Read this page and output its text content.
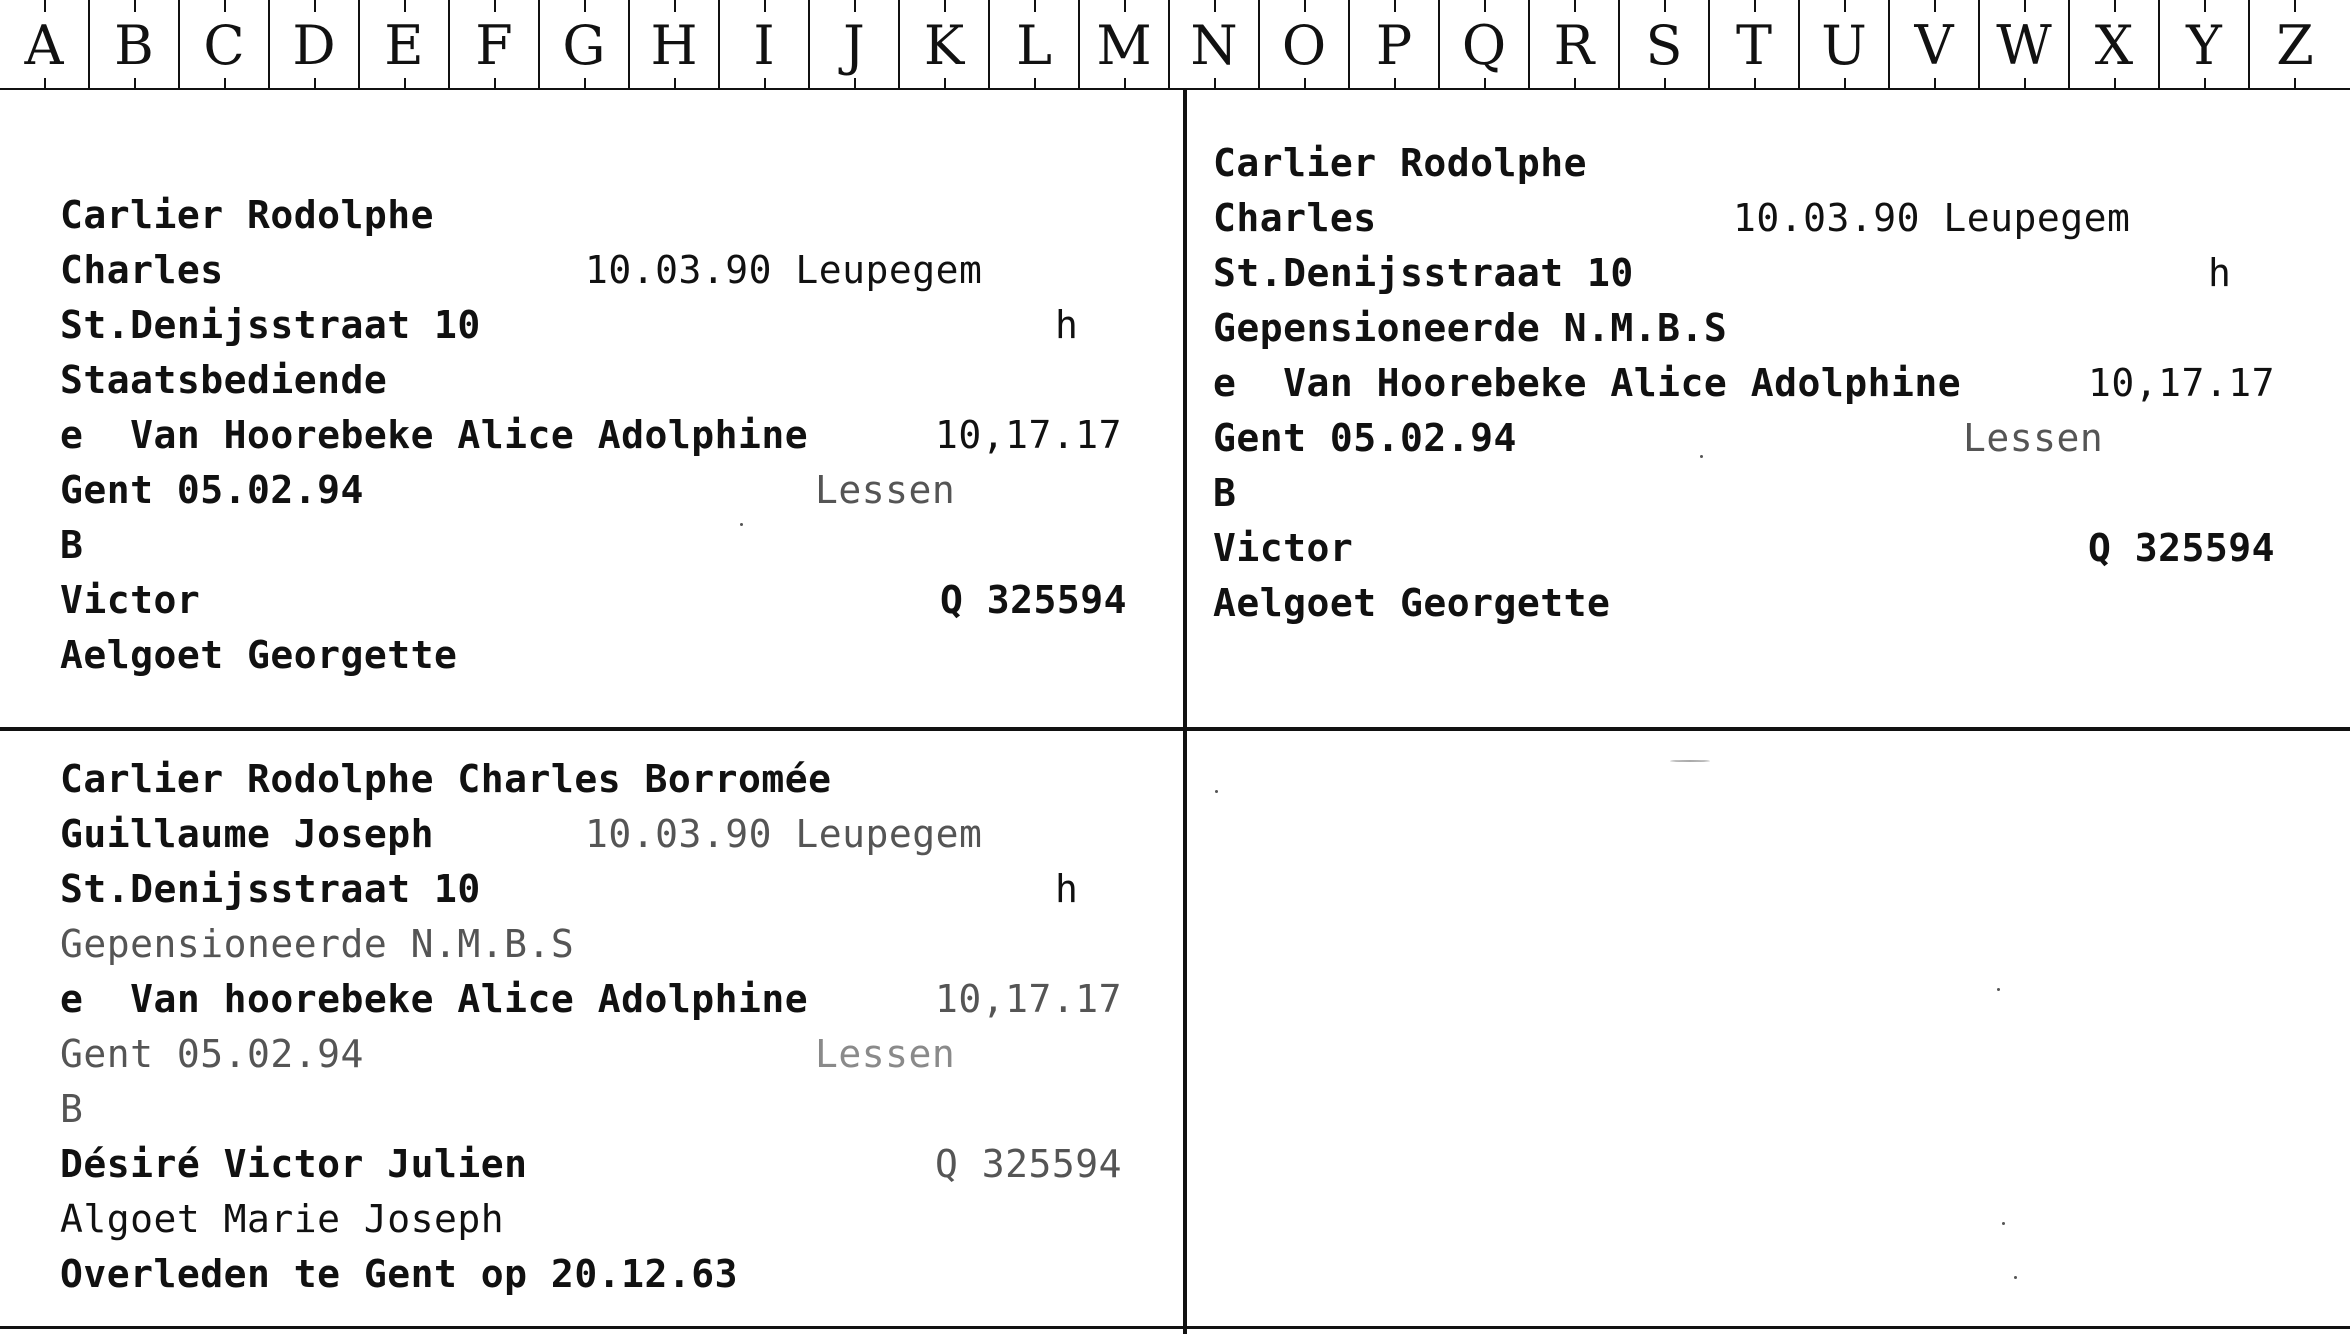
A B C D E F G H	I	J	K L M N O P Q R S T U V W X Y	Z
Carlier Rodolphe

Charles

	10.03.90 Leupegem

St.Denijsstraat 10

	h

Staatsbediende

e  Van Hoorebeke Alice Adolphine

	10,17.17

Gent 05.02.94

	Lessen

B

Victor

	Q 325594

Aelgoet Georgette
Carlier Rodolphe

Charles

	10.03.90 Leupegem

St.Denijsstraat 10

	h

Gepensioneerde N.M.B.S

e  Van Hoorebeke Alice Adolphine

	10,17.17

Gent 05.02.94

	Lessen

B

Victor

	Q 325594

Aelgoet Georgette
Carlier Rodolphe Charles Borromée

Guillaume Joseph

	10.03.90 Leupegem

St.Denijsstraat 10

	h

Gepensioneerde N.M.B.S

e  Van hoorebeke Alice Adolphine

	10,17.17

Gent 05.02.94

	Lessen

B

Désiré Victor Julien

	Q 325594

Algoet Marie Joseph
Overleden te Gent op 20.12.63
